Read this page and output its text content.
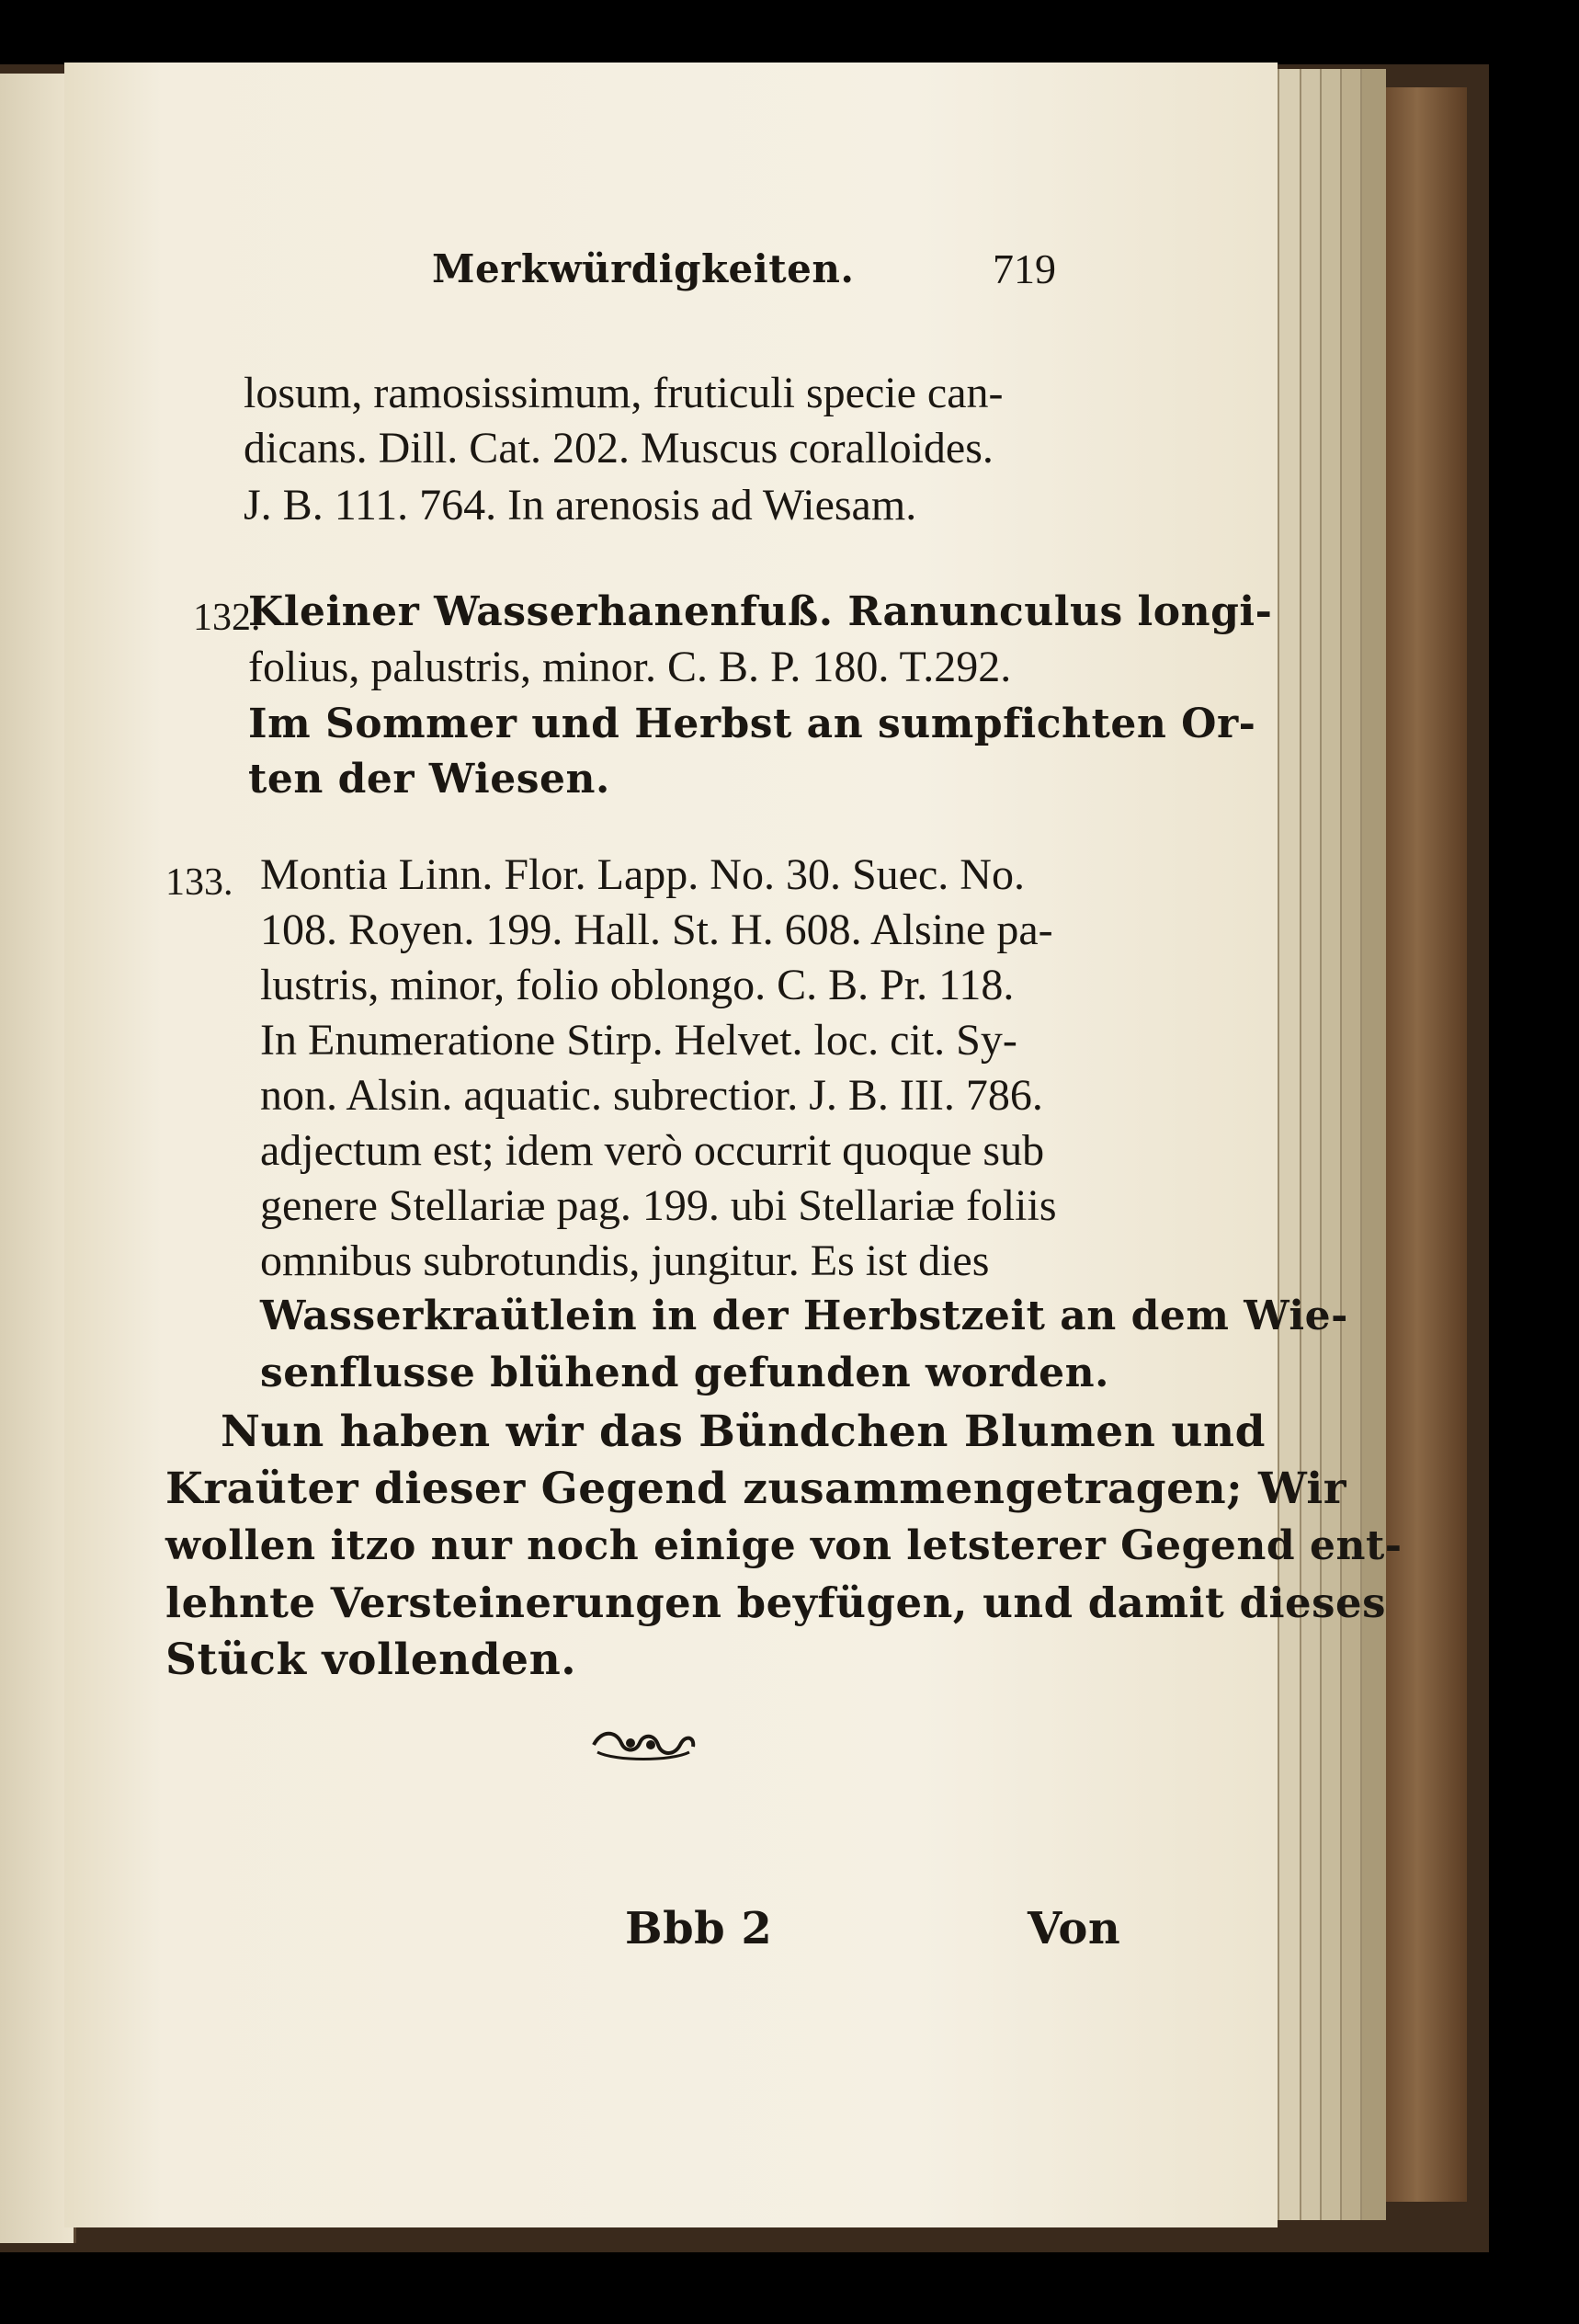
Merkwürdigkeiten.	719
losum, ramosissimum, fruticuli specie can-
dicans. Dill. Cat. 202. Muscus coralloides.
J. B. 111. 764. In arenosis ad Wiesam.
132.
Kleiner Wasserhanenfuß. Ranunculus longi-
folius, palustris, minor. C. B. P. 180. T.292.
Im Sommer und Herbst an sumpfichten Or-
ten der Wiesen.
133. Montia Linn. Flor. Lapp. No. 30. Suec. No.
108. Royen. 199. Hall. St. H. 608. Alsine pa-
lustris, minor, folio oblongo. C. B. Pr. 118.
In Enumeratione Stirp. Helvet. loc. cit. Sy-
non. Alsin. aquatic. subrectior. J. B. III. 786.
adjectum est; idem verò occurrit quoque sub
genere Stellariæ pag. 199. ubi Stellariæ foliis
omnibus subrotundis, jungitur. Es ist dies
Wasserkraütlein in der Herbstzeit an dem Wie-
senflusse blühend gefunden worden.
Nun haben wir das Bündchen Blumen und
Kraüter dieser Gegend zusammengetragen; Wir
wollen itzo nur noch einige von letsterer Gegend ent-
lehnte Versteinerungen beyfügen, und damit dieses
Stück vollenden.
Bbb 2	Von
